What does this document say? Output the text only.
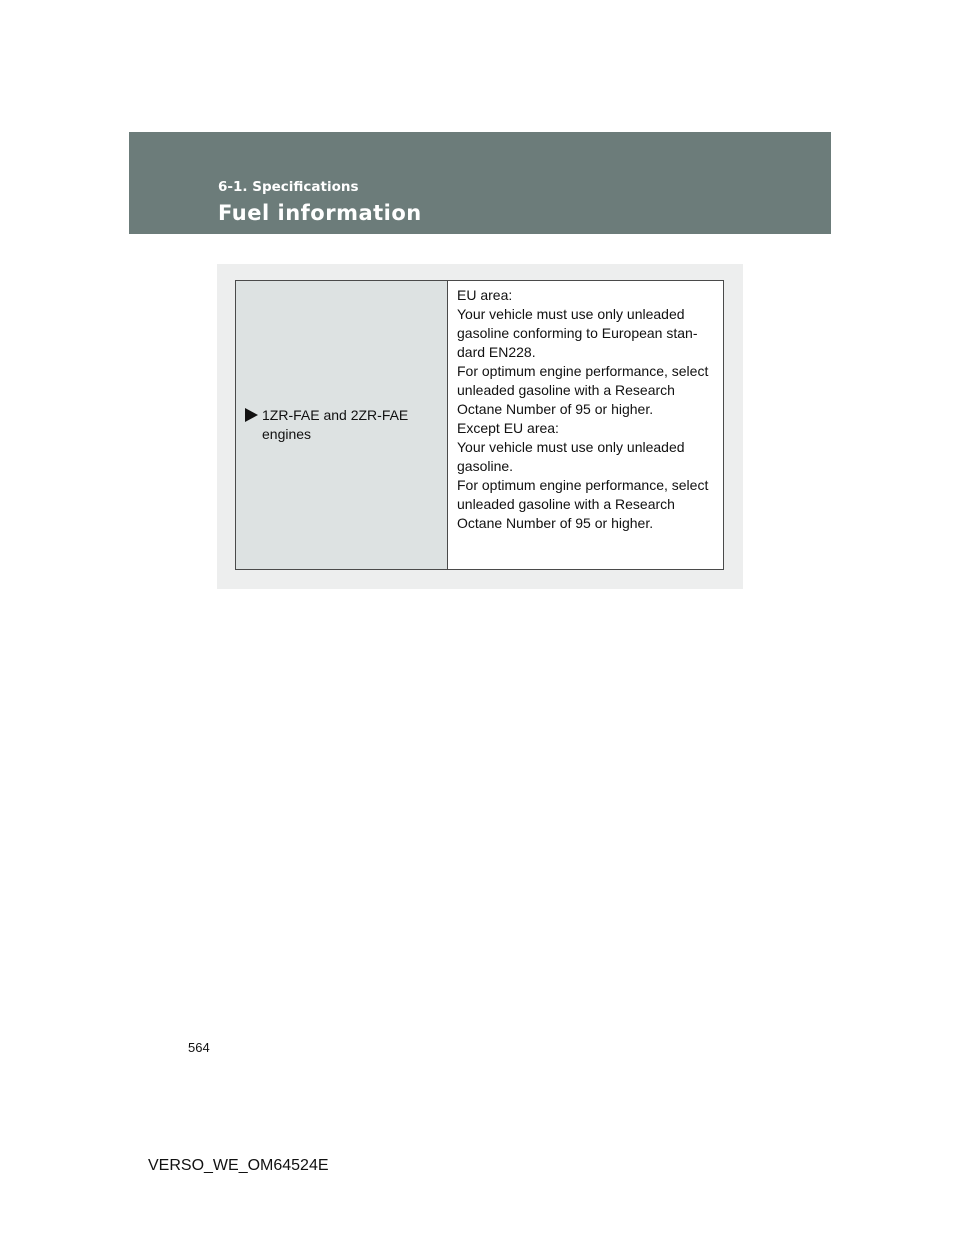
6-1. Specifications
Fuel information
1ZR-FAE and 2ZR-FAE engines

EU area:

Your vehicle must use only unleaded gasoline conforming to European stan-dard EN228.

For optimum engine performance, select unleaded gasoline with a Research Octane Number of 95 or higher.

Except EU area:

Your vehicle must use only unleaded gasoline.

For optimum engine performance, select unleaded gasoline with a Research Octane Number of 95 or higher.

564
VERSO_WE_OM64524E
